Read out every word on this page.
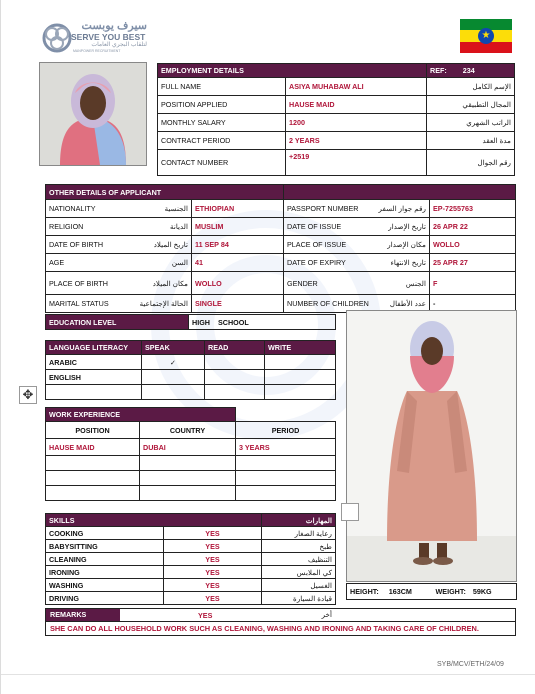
سيرف يوبست
SERVE YOU BEST
لتلقاب البجري العامات
MANPOWER RECRUITMENT
★
EMPLOYMENT DETAILS		REF: 234
FULL NAME	ASIYA MUHABAW ALI	الإسم الكامل
POSITION APPLIED	HAUSE MAID	المجال التطبيقي
MONTHLY SALARY	1200	الراتب الشهري
CONTRACT PERIOD	2 YEARS	مدة العقد
CONTACT NUMBER	+2519	رقم الجوال
OTHER DETAILS OF APPLICANT				
NATIONALITY	الجنسية	ETHIOPIAN	PASSPORT NUMBER رقم جواز السفر	EP-7255763
RELIGION	الديانة	MUSLIM	DATE OF ISSUE تاريخ الإصدار	26 APR 22
DATE OF BIRTH	تاريخ الميلاد	11 SEP 84	PLACE OF ISSUE مكان الإصدار	WOLLO
AGE	السن	41	DATE OF EXPIRY تاريخ الانتهاء	25 APR 27
PLACE OF BIRTH	مكان الميلاد	WOLLO	GENDER الجنس	F
MARITAL STATUS	الحالة الإجتماعية	SINGLE	NUMBER OF CHILDREN عدد الأطفال	-
EDUCATION LEVEL	HIGH    SCHOOL
LANGUAGE LITERACY	SPEAK	READ	WRITE
ARABIC	✓		
ENGLISH			

✥
WORK EXPERIENCE		
POSITION	COUNTRY	PERIOD
HAUSE MAID	DUBAI	3 YEARS

SKILLS		المهارات
COOKING	YES	رعاية الصغار
BABYSITTING	YES	طبخ
CLEANING	YES	التنظيف
IRONING	YES	كي الملابس
WASHING	YES	الغسيل
DRIVING	YES	قيادة السيارة
HEIGHT: 163CM	WEIGHT: 59KG
REMARKS	YES	أخر
SHE CAN DO ALL HOUSEHOLD WORK SUCH AS CLEANING, WASHING AND IRONING AND TAKING CARE OF CHILDREN.
SYB/MCV/ETH/24/09
